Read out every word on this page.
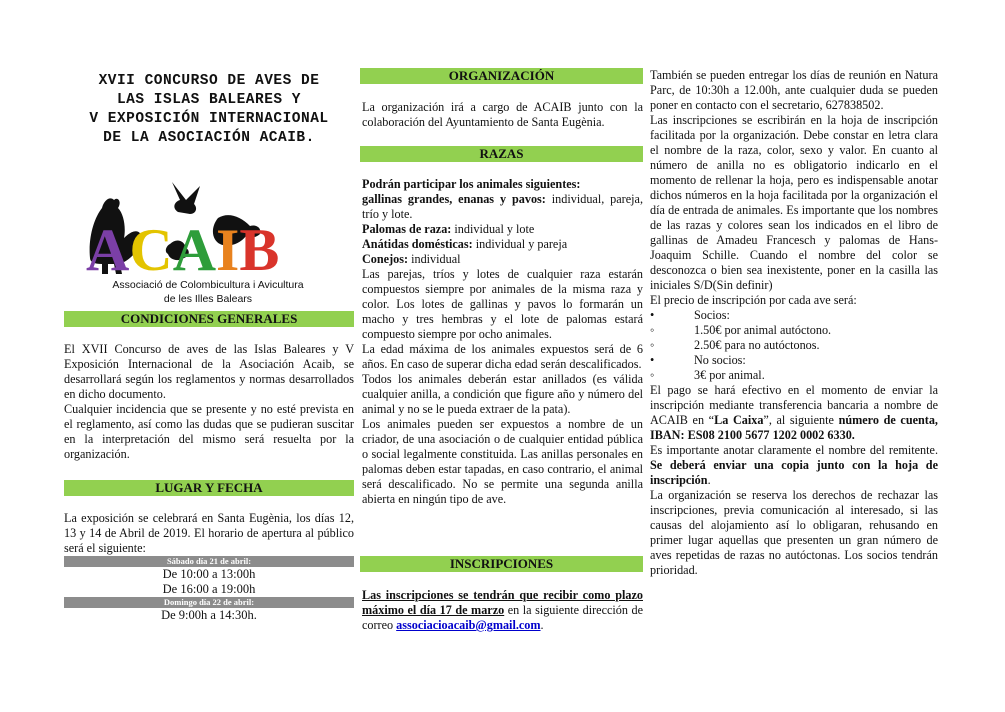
XVII CONCURSO DE AVES DE
LAS ISLAS BALEARES Y
V EXPOSICIÓN INTERNACIONAL
DE LA ASOCIACIÓN ACAIB.
ACAIB
Associació de Colombicultura i Avicultura
de les Illes Balears
CONDICIONES GENERALES

El XVII Concurso de aves de las Islas Baleares y V Exposición Internacional de la Asociación Acaib, se desarrollará según los reglamentos y normas desarrollados en dicho documento.

Cualquier incidencia que se presente y no esté prevista en el reglamento, así como las dudas que se pudieran suscitar en la interpretación del mismo será resuelta por la organización.

LUGAR Y FECHA
La exposición se celebrará en Santa Eugènia, los días 12, 13 y 14 de Abril de 2019. El horario de apertura al público será el siguiente:
Sábado día 21 de abril:
De 10:00 a 13:00h
De 16:00 a 19:00h
Domingo día 22 de abril:
De 9:00h a 14:30h.
ORGANIZACIÓN
La organización irá a cargo de ACAIB junto con la colaboración del Ayuntamiento de Santa Eugènia.
RAZAS

Podrán participar los animales siguientes:

gallinas grandes, enanas y pavos: individual, pareja, trío y lote.

Palomas de raza: individual y lote

Anátidas domésticas: individual y pareja

Conejos: individual

Las parejas, tríos y lotes de cualquier raza estarán compuestos siempre por animales de la misma raza y color. Los lotes de gallinas y pavos lo formarán un macho y tres hembras y el lote de palomas estará compuesto siempre por ocho animales.

La edad máxima de los animales expuestos será de 6 años. En caso de superar dicha edad serán descalificados.

Todos los animales deberán estar anillados (es válida cualquier anilla, a condición que figure año y número del animal y no se le pueda extraer de la pata).

Los animales pueden ser expuestos a nombre de un criador, de una asociación o de cualquier entidad pública o social legalmente constituida. Las anillas personales en palomas deben estar tapadas, en caso contrario, el animal será descalificado. No se permite una segunda anilla abierta en ningún tipo de ave.

INSCRIPCIONES
Las inscripciones se tendrán que recibir como plazo máximo el día 17 de marzo en la siguiente dirección de correo associacioacaib@gmail.com.

También se pueden entregar los días de reunión en Natura Parc, de 10:30h a 12.00h, ante cualquier duda se pueden poner en contacto con el secretario, 627838502.

Las inscripciones se escribirán en la hoja de inscripción facilitada por la organización. Debe constar en letra clara el nombre de la raza, color, sexo y valor. En cuanto al número de anilla no es obligatorio indicarlo en el momento de rellenar la hoja, pero es indispensable anotar dichos números en la hoja facilitada por la organización el día de entrada de animales. Es importante que los nombres de las razas y colores sean los indicados en el libro de gallinas de Amadeu Francesch y palomas de Hans-Joaquim Schille. Cuando el nombre del color se desconozca o bien sea inexistente, poner en la casilla las iniciales S/D(Sin definir)

El precio de inscripción por cada ave será:

•	Socios:
◦	1.50€ por animal autóctono.
◦	2.50€ para no autóctonos.
•	No socios:
◦	3€ por animal.

El pago se hará efectivo en el momento de enviar la inscripción mediante transferencia bancaria a nombre de ACAIB en “La Caixa”, al siguiente número de cuenta, IBAN: ES08 2100 5677 1202 0002 6330.

Es importante anotar claramente el nombre del remitente. Se deberá enviar una copia junto con la hoja de inscripción.

La organización se reserva los derechos de rechazar las inscripciones, previa comunicación al interesado, si las causas del alojamiento así lo obligaran, rehusando en primer lugar aquellas que presenten un gran número de aves repetidas de razas no autóctonas. Los socios tendrán prioridad.
